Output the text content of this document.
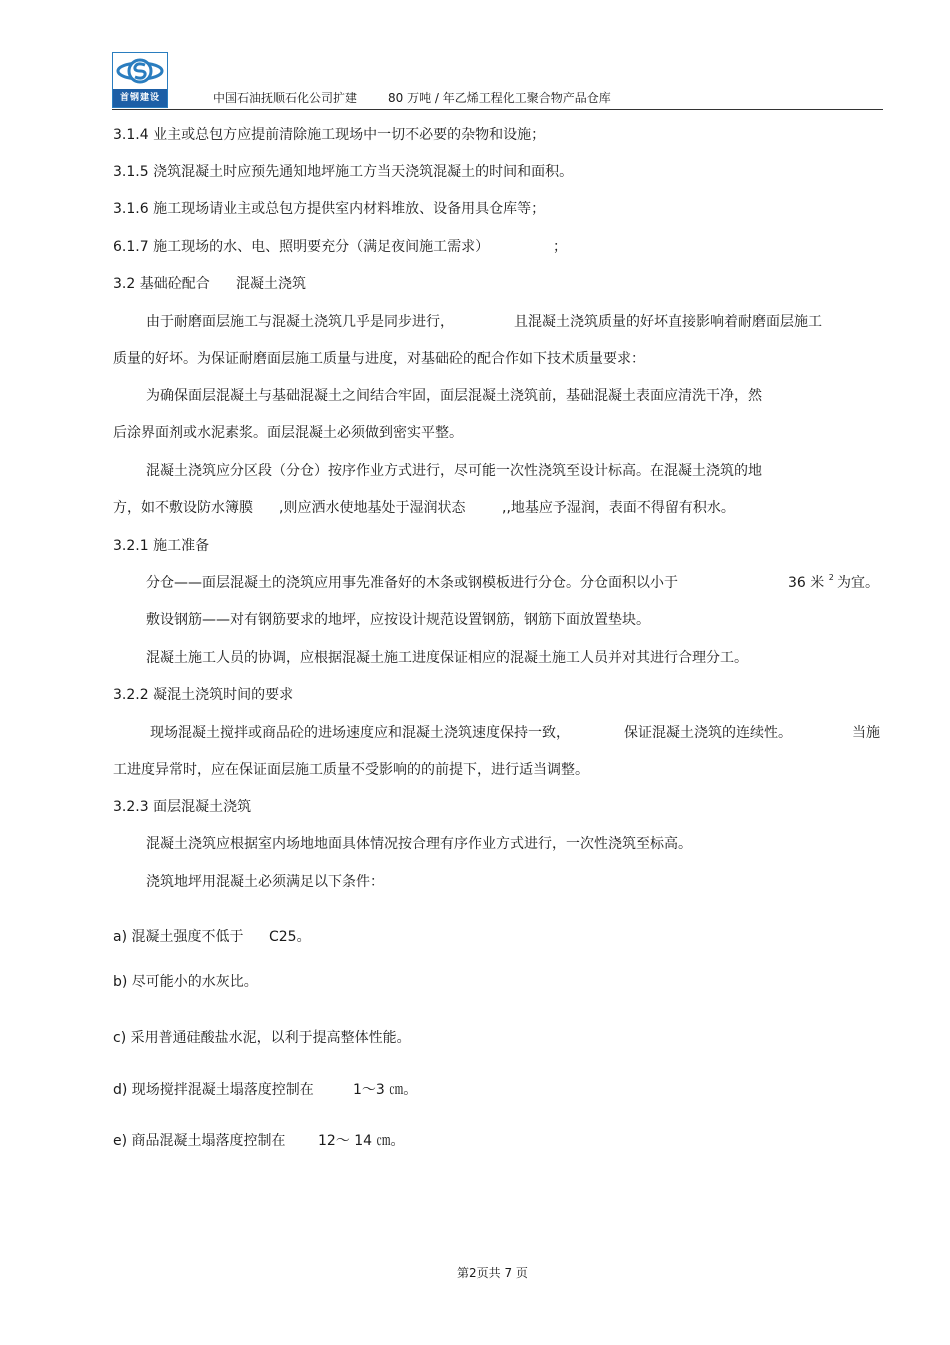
首钢建设	中国石油抚顺石化公司扩建	80 万吨 / 年乙烯工程化工聚合物产品仓库
3.1.4 业主或总包方应提前清除施工现场中一切不必要的杂物和设施；
3.1.5 浇筑混凝土时应预先通知地坪施工方当天浇筑混凝土的时间和面积。
3.1.6 施工现场请业主或总包方提供室内材料堆放、设备用具仓库等；
6.1.7 施工现场的水、电、照明要充分（满足夜间施工需求）	；
3.2 基础砼配合 混凝土浇筑
由于耐磨面层施工与混凝土浇筑几乎是同步进行，	且混凝土浇筑质量的好坏直接影响着耐磨面层施工
质量的好坏。为保证耐磨面层施工质量与进度，对基础砼的配合作如下技术质量要求：
为确保面层混凝土与基础混凝土之间结合牢固，面层混凝土浇筑前，基础混凝土表面应清洗干净，然
后涂界面剂或水泥素浆。面层混凝土必须做到密实平整。
混凝土浇筑应分区段（分仓）按序作业方式进行，尽可能一次性浇筑至设计标高。在混凝土浇筑的地
方，如不敷设防水簿膜 ,则应洒水使地基处于湿润状态	,,地基应予湿润，表面不得留有积水。
3.2.1 施工准备
分仓——面层混凝土的浇筑应用事先准备好的木条或钢模板进行分仓。分仓面积以小于	36 米 $^2$ 为宜。
敷设钢筋——对有钢筋要求的地坪，应按设计规范设置钢筋，钢筋下面放置垫块。
混凝土施工人员的协调，应根据混凝土施工进度保证相应的混凝土施工人员并对其进行合理分工。
3.2.2 凝混土浇筑时间的要求
现场混凝土搅拌或商品砼的进场速度应和混凝土浇筑速度保持一致，	保证混凝土浇筑的连续性。	当施
工进度异常时，应在保证面层施工质量不受影响的的前提下，进行适当调整。
3.2.3 面层混凝土浇筑
混凝土浇筑应根据室内场地地面具体情况按合理有序作业方式进行，一次性浇筑至标高。
浇筑地坪用混凝土必须满足以下条件：
a) 混凝土强度不低于 C25。
b) 尽可能小的水灰比。
c) 采用普通硅酸盐水泥，以利于提高整体性能。
d) 现场搅拌混凝土塌落度控制在	1～3 ㎝。
e) 商品混凝土塌落度控制在 12～ 14 ㎝。
第2页共 7 页
